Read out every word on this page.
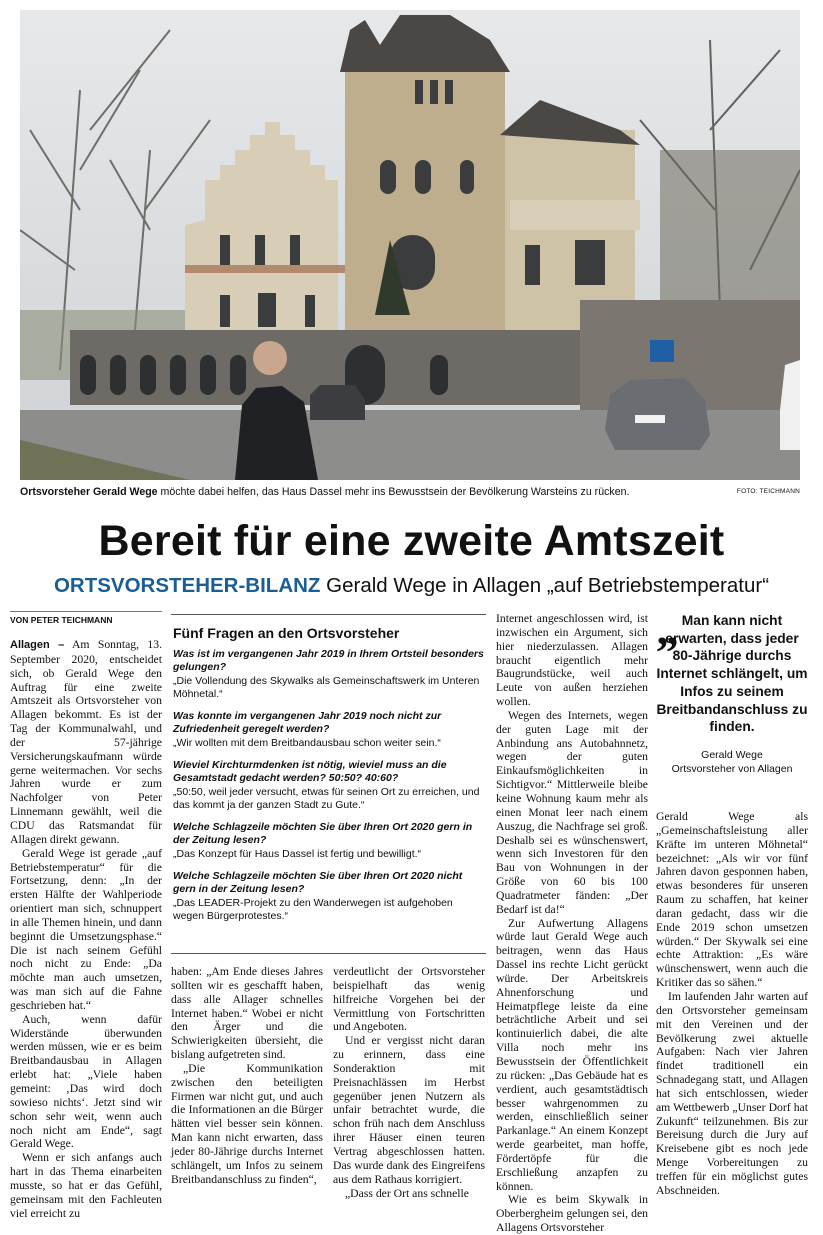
Ortsvorsteher Gerald Wege möchte dabei helfen, das Haus Dassel mehr ins Bewusstsein der Bevölkerung Warsteins zu rücken.	FOTO: TEICHMANN
Bereit für eine zweite Amtszeit
ORTSVORSTEHER-BILANZ Gerald Wege in Allagen „auf Betriebstemperatur“
VON PETER TEICHMANN

Allagen – Am Sonntag, 13. September 2020, entscheidet sich, ob Gerald Wege den Auftrag für eine zweite Amtszeit als Ortsvorsteher von Allagen bekommt. Es ist der Tag der Kommunalwahl, und der 57-jährige Versicherungskaufmann würde gerne weitermachen. Vor sechs Jahren wurde er zum Nachfolger von Peter Linnemann gewählt, weil die CDU das Ratsmandat für Allagen direkt gewann.

Gerald Wege ist gerade „auf Betriebstemperatur“ für die Fortsetzung, denn: „In der ersten Hälfte der Wahlperiode orientiert man sich, schnuppert in alle Themen hinein, und dann beginnt die Umsetzungsphase.“ Die ist nach seinem Gefühl noch nicht zu Ende: „Da möchte man auch umsetzen, was man sich auf die Fahne geschrieben hat.“

Auch, wenn dafür Widerstände überwunden werden müssen, wie er es beim Breitbandausbau in Allagen erlebt hat: „Viele haben gemeint: ‚Das wird doch sowieso nichts‘. Jetzt sind wir schon sehr weit, wenn auch noch nicht am Ende“, sagt Gerald Wege.

Wenn er sich anfangs auch hart in das Thema einarbeiten musste, so hat er das Gefühl, gemeinsam mit den Fachleuten viel erreicht zu

Fünf Fragen an den Ortsvorsteher
Was ist im vergangenen Jahr 2019 in Ihrem Ortsteil besonders gelungen?
„Die Vollendung des Skywalks als Gemeinschaftswerk im Unteren Möhnetal.“
Was konnte im vergangenen Jahr 2019 noch nicht zur Zufriedenheit geregelt werden?
„Wir wollten mit dem Breitbandausbau schon weiter sein.“
Wieviel Kirchturmdenken ist nötig, wieviel muss an die Gesamtstadt gedacht werden? 50:50? 40:60?
„50:50, weil jeder versucht, etwas für seinen Ort zu erreichen, und das kommt ja der ganzen Stadt zu Gute.“
Welche Schlagzeile möchten Sie über Ihren Ort 2020 gern in der Zeitung lesen?
„Das Konzept für Haus Dassel ist fertig und bewilligt.“
Welche Schlagzeile möchten Sie über Ihren Ort 2020 nicht gern in der Zeitung lesen?
„Das LEADER-Projekt zu den Wanderwegen ist aufgehoben wegen Bürgerprotestes.“

haben: „Am Ende dieses Jahres sollten wir es geschafft haben, dass alle Allager schnelles Internet haben.“ Wobei er nicht den Ärger und die Schwierigkeiten übersieht, die bislang aufgetreten sind.

„Die Kommunikation zwischen den beteiligten Firmen war nicht gut, und auch die Informationen an die Bürger hätten viel besser sein können. Man kann nicht erwarten, dass jeder 80-Jährige durchs Internet schlängelt, um Infos zu seinem Breitbandanschluss zu finden“,

verdeutlicht der Ortsvorsteher beispielhaft das wenig hilfreiche Vorgehen bei der Vermittlung von Fortschritten und Angeboten.

Und er vergisst nicht daran zu erinnern, dass eine Sonderaktion mit Preisnachlässen im Herbst gegenüber jenen Nutzern als unfair betrachtet wurde, die schon früh nach dem Anschluss ihrer Häuser einen teuren Vertrag abgeschlossen hatten. Das wurde dank des Eingreifens aus dem Rathaus korrigiert.

„Dass der Ort ans schnelle

Internet angeschlossen wird, ist inzwischen ein Argument, sich hier niederzulassen. Allagen braucht eigentlich mehr Baugrundstücke, weil auch Leute von außen herziehen wollen.

Wegen des Internets, wegen der guten Lage mit der Anbindung ans Autobahnnetz, wegen der guten Einkaufsmöglichkeiten in Sichtigvor.“ Mittlerweile bleibe keine Wohnung kaum mehr als einen Monat leer nach einem Auszug, die Nachfrage sei groß. Deshalb sei es wünschenswert, wenn sich Investoren für den Bau von Wohnungen in der Größe von 60 bis 100 Quadratmeter fänden: „Der Bedarf ist da!“

Zur Aufwertung Allagens würde laut Gerald Wege auch beitragen, wenn das Haus Dassel ins rechte Licht gerückt würde. Der Arbeitskreis Ahnenforschung und Heimatpflege leiste da eine beträchtliche Arbeit und sei kontinuierlich dabei, die alte Villa noch mehr ins Bewusstsein der Öffentlichkeit zu rücken: „Das Gebäude hat es verdient, auch gesamtstädtisch besser wahrgenommen zu werden, einschließlich seiner Parkanlage.“ An einem Konzept werde gearbeitet, man hoffe, Fördertöpfe für die Erschließung anzapfen zu können.

Wie es beim Skywalk in Oberbergheim gelungen sei, den Allagens Ortsvorsteher

„ Man kann nicht erwarten, dass jeder 80-Jährige durchs Internet schlängelt, um Infos zu seinem Breitbandanschluss zu finden.

Gerald Wege
Ortsvorsteher von Allagen

Gerald Wege als „Gemeinschaftsleistung aller Kräfte im unteren Möhnetal“ bezeichnet: „Als wir vor fünf Jahren davon gesponnen haben, etwas besonderes für unseren Raum zu schaffen, hat keiner daran gedacht, dass wir die Ende 2019 schon umsetzen würden.“ Der Skywalk sei eine echte Attraktion: „Es wäre wünschenswert, wenn auch die Kritiker das so sähen.“

Im laufenden Jahr warten auf den Ortsvorsteher gemeinsam mit den Vereinen und der Bevölkerung zwei aktuelle Aufgaben: Nach vier Jahren findet traditionell ein Schnadegang statt, und Allagen hat sich entschlossen, wieder am Wettbewerb „Unser Dorf hat Zukunft“ teilzunehmen. Bis zur Bereisung durch die Jury auf Kreisebene gibt es noch jede Menge Vorbereitungen zu treffen für ein möglichst gutes Abschneiden.
